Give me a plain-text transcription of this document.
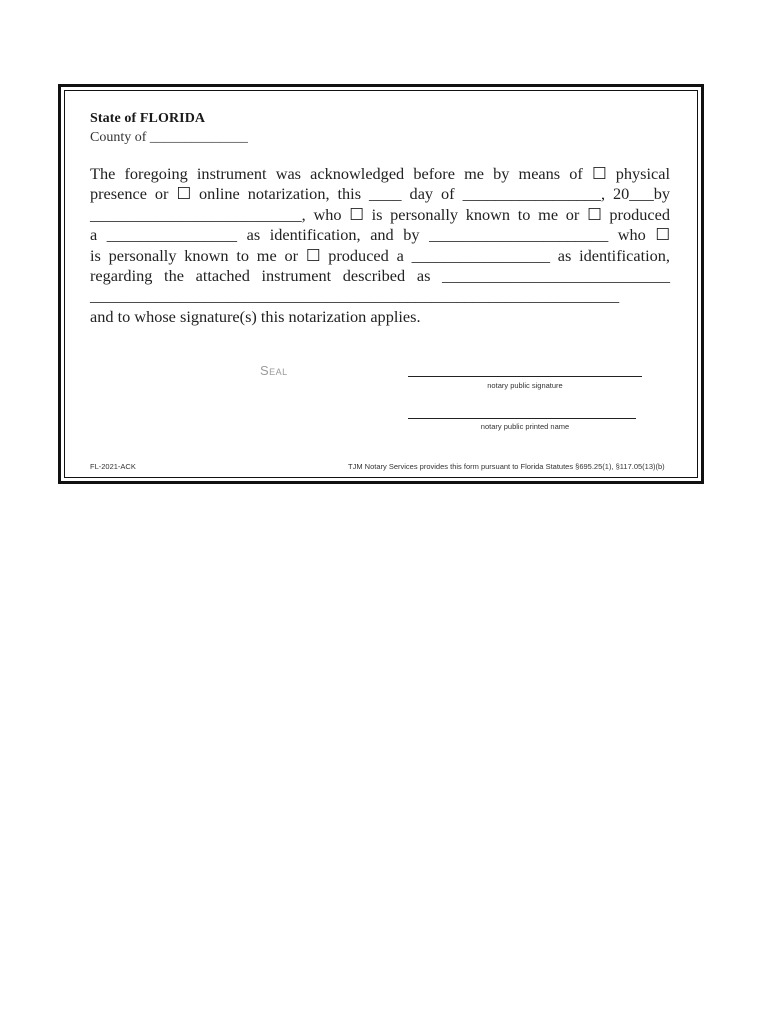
State of FLORIDA
County of ______________
The foregoing instrument was acknowledged before me by means of ☐ physical
presence or ☐ online notarization, this ____ day of _________________, 20___by
__________________________, who ☐ is personally known to me or ☐ produced
a ________________ as identification, and by ______________________ who ☐
is personally known to me or ☐ produced a _________________ as identification,
regarding the attached instrument described as ____________________________
_________________________________________________________________
and to whose signature(s) this notarization applies.
Seal
notary public signature
notary public printed name
FL-2021-ACK	TJM Notary Services provides this form pursuant to Florida Statutes §695.25(1), §117.05(13)(b)
